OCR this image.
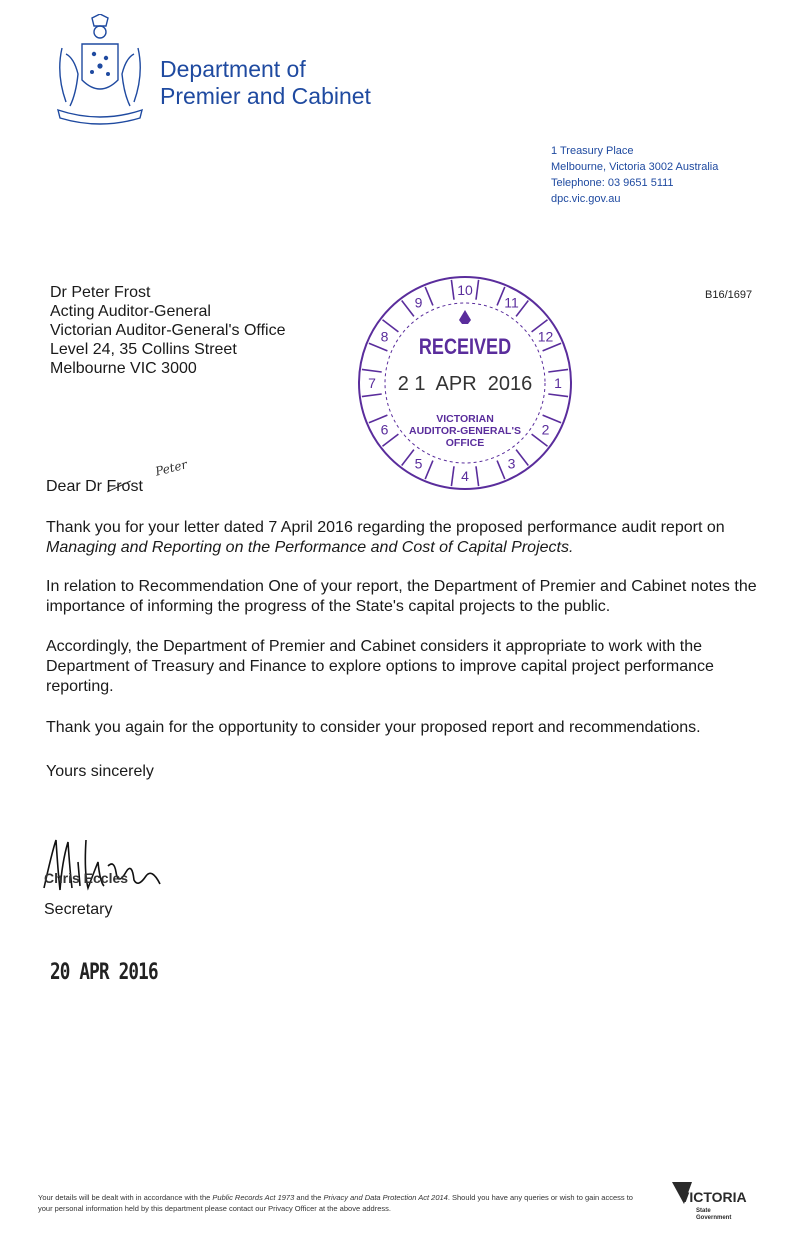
Department of
Premier and Cabinet
1 Treasury Place
Melbourne, Victoria 3002 Australia
Telephone: 03 9651 5111
dpc.vic.gov.au
Dr Peter Frost
Acting Auditor-General
Victorian Auditor-General's Office
Level 24, 35 Collins Street
Melbourne VIC 3000
B16/1697
10
11
12
1
2
3
4
5
6
7
8
9
RECEIVED
2 1  APR  2016
VICTORIAN
AUDITOR-GENERAL'S
OFFICE
Dear Dr Frost
Peter
Thank you for your letter dated 7 April 2016 regarding the proposed performance audit report on Managing and Reporting on the Performance and Cost of Capital Projects.
In relation to Recommendation One of your report, the Department of Premier and Cabinet notes the importance of informing the progress of the State's capital projects to the public.
Accordingly, the Department of Premier and Cabinet considers it appropriate to work with the Department of Treasury and Finance to explore options to improve capital project performance reporting.
Thank you again for the opportunity to consider your proposed report and recommendations.
Yours sincerely
Chris Eccles
Secretary
20 APR 2016
Your details will be dealt with in accordance with the Public Records Act 1973 and the Privacy and Data Protection Act 2014. Should you have any queries or wish to gain access to your personal information held by this department please contact our Privacy Officer at the above address.
VICTORIA
State
Government
